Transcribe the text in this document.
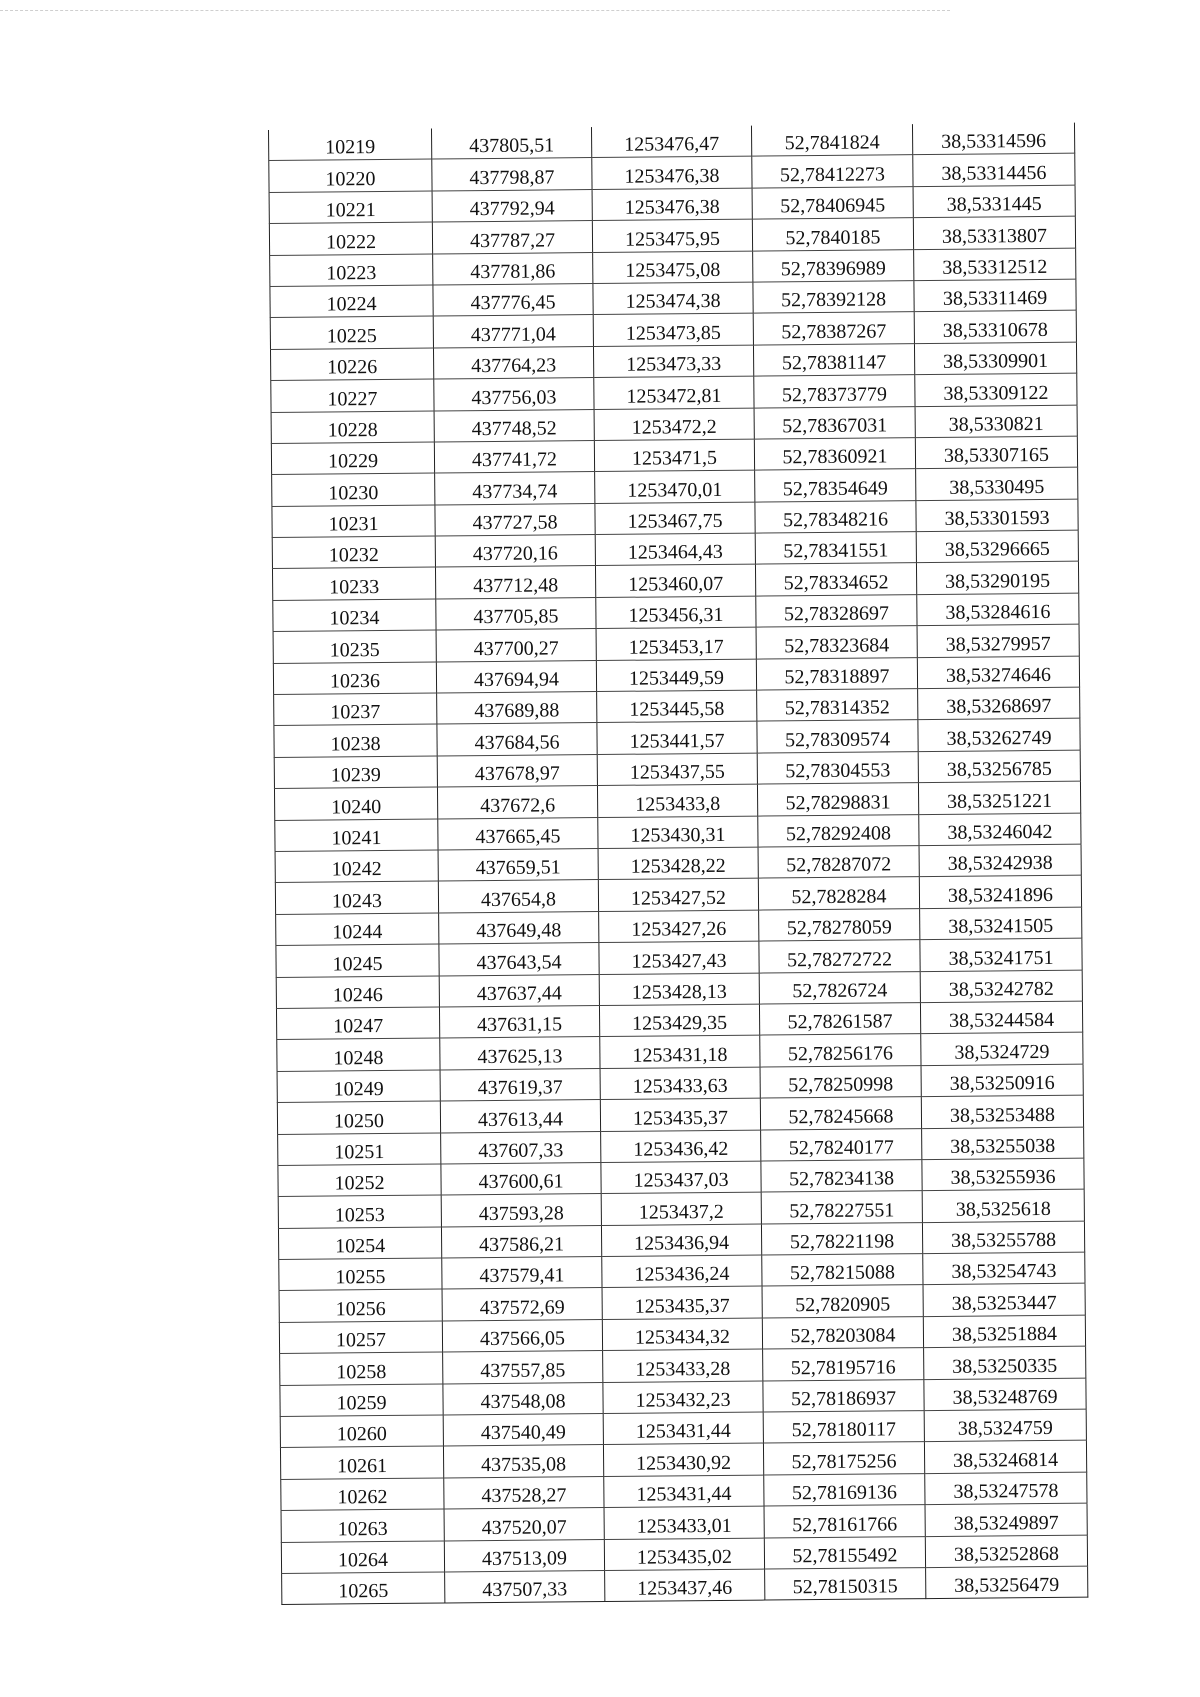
10219	437805,51	1253476,47	52,7841824	38,53314596
10220	437798,87	1253476,38	52,78412273	38,53314456
10221	437792,94	1253476,38	52,78406945	38,5331445
10222	437787,27	1253475,95	52,7840185	38,53313807
10223	437781,86	1253475,08	52,78396989	38,53312512
10224	437776,45	1253474,38	52,78392128	38,53311469
10225	437771,04	1253473,85	52,78387267	38,53310678
10226	437764,23	1253473,33	52,78381147	38,53309901
10227	437756,03	1253472,81	52,78373779	38,53309122
10228	437748,52	1253472,2	52,78367031	38,5330821
10229	437741,72	1253471,5	52,78360921	38,53307165
10230	437734,74	1253470,01	52,78354649	38,5330495
10231	437727,58	1253467,75	52,78348216	38,53301593
10232	437720,16	1253464,43	52,78341551	38,53296665
10233	437712,48	1253460,07	52,78334652	38,53290195
10234	437705,85	1253456,31	52,78328697	38,53284616
10235	437700,27	1253453,17	52,78323684	38,53279957
10236	437694,94	1253449,59	52,78318897	38,53274646
10237	437689,88	1253445,58	52,78314352	38,53268697
10238	437684,56	1253441,57	52,78309574	38,53262749
10239	437678,97	1253437,55	52,78304553	38,53256785
10240	437672,6	1253433,8	52,78298831	38,53251221
10241	437665,45	1253430,31	52,78292408	38,53246042
10242	437659,51	1253428,22	52,78287072	38,53242938
10243	437654,8	1253427,52	52,7828284	38,53241896
10244	437649,48	1253427,26	52,78278059	38,53241505
10245	437643,54	1253427,43	52,78272722	38,53241751
10246	437637,44	1253428,13	52,7826724	38,53242782
10247	437631,15	1253429,35	52,78261587	38,53244584
10248	437625,13	1253431,18	52,78256176	38,5324729
10249	437619,37	1253433,63	52,78250998	38,53250916
10250	437613,44	1253435,37	52,78245668	38,53253488
10251	437607,33	1253436,42	52,78240177	38,53255038
10252	437600,61	1253437,03	52,78234138	38,53255936
10253	437593,28	1253437,2	52,78227551	38,5325618
10254	437586,21	1253436,94	52,78221198	38,53255788
10255	437579,41	1253436,24	52,78215088	38,53254743
10256	437572,69	1253435,37	52,7820905	38,53253447
10257	437566,05	1253434,32	52,78203084	38,53251884
10258	437557,85	1253433,28	52,78195716	38,53250335
10259	437548,08	1253432,23	52,78186937	38,53248769
10260	437540,49	1253431,44	52,78180117	38,5324759
10261	437535,08	1253430,92	52,78175256	38,53246814
10262	437528,27	1253431,44	52,78169136	38,53247578
10263	437520,07	1253433,01	52,78161766	38,53249897
10264	437513,09	1253435,02	52,78155492	38,53252868
10265	437507,33	1253437,46	52,78150315	38,53256479
